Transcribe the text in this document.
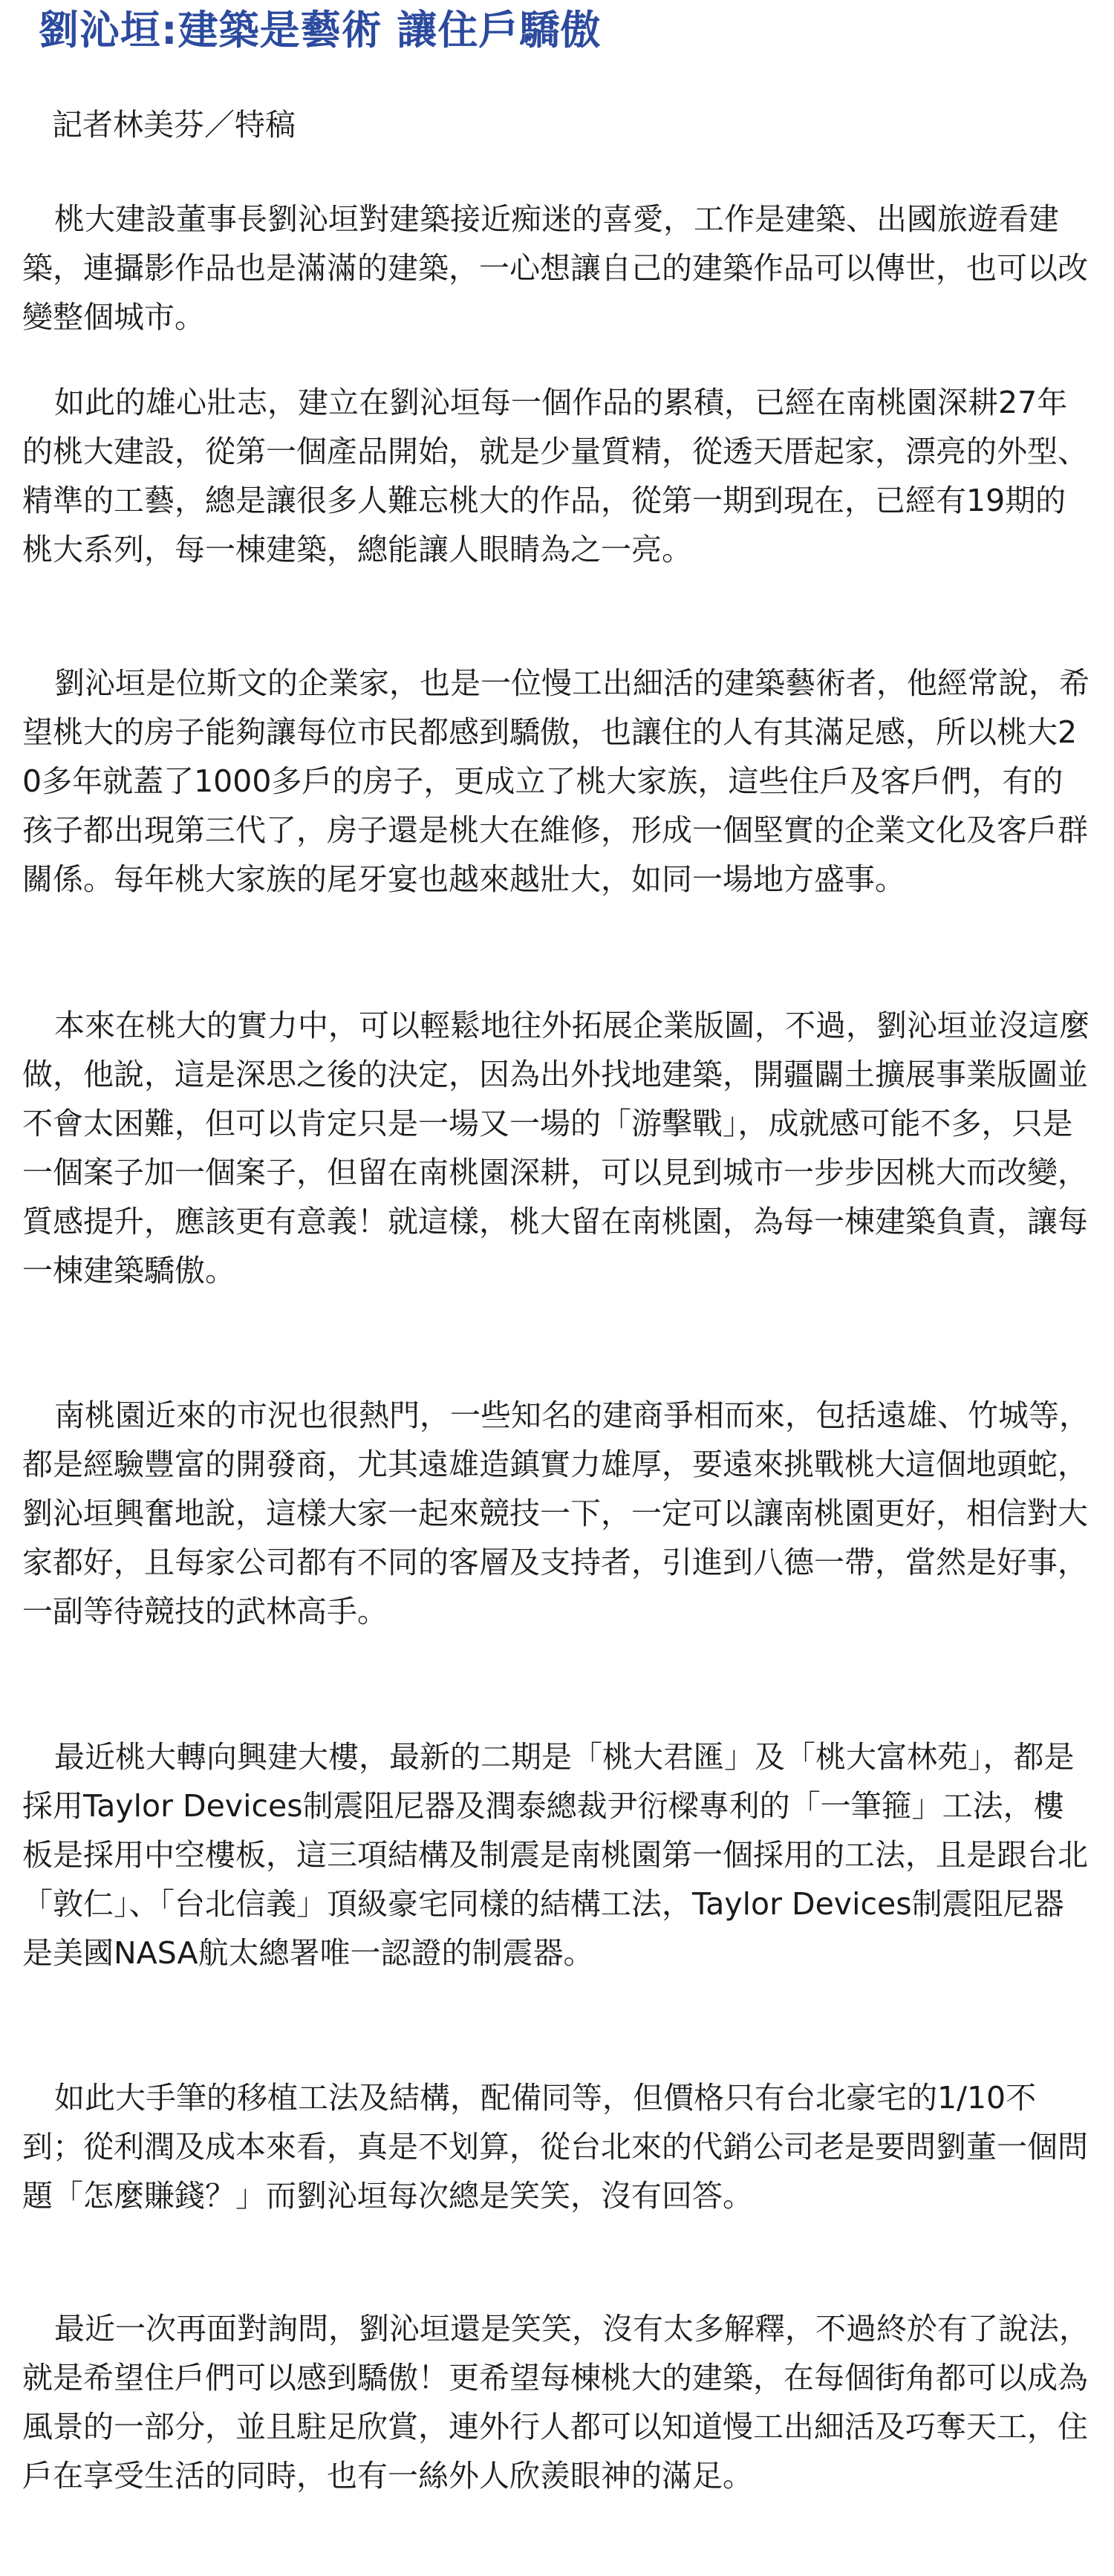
劉沁垣:建築是藝術 讓住戶驕傲

記者林美芬／特稿

桃大建設董事長劉沁垣對建築接近痴迷的喜愛，工作是建築、出國旅遊看建築，連攝影作品也是滿滿的建築，一心想讓自己的建築作品可以傳世，也可以改變整個城市。

如此的雄心壯志，建立在劉沁垣每一個作品的累積，已經在南桃園深耕27年的桃大建設，從第一個產品開始，就是少量質精，從透天厝起家，漂亮的外型、精準的工藝，總是讓很多人難忘桃大的作品，從第一期到現在，已經有19期的桃大系列，每一棟建築，總能讓人眼睛為之一亮。

劉沁垣是位斯文的企業家，也是一位慢工出細活的建築藝術者，他經常說，希望桃大的房子能夠讓每位市民都感到驕傲，也讓住的人有其滿足感，所以桃大20多年就蓋了1000多戶的房子，更成立了桃大家族，這些住戶及客戶們，有的孩子都出現第三代了，房子還是桃大在維修，形成一個堅實的企業文化及客戶群關係。每年桃大家族的尾牙宴也越來越壯大，如同一場地方盛事。

本來在桃大的實力中，可以輕鬆地往外拓展企業版圖，不過，劉沁垣並沒這麼做，他說，這是深思之後的決定，因為出外找地建築，開疆闢土擴展事業版圖並不會太困難，但可以肯定只是一場又一場的「游擊戰」，成就感可能不多，只是一個案子加一個案子，但留在南桃園深耕，可以見到城市一步步因桃大而改變，質感提升，應該更有意義！就這樣，桃大留在南桃園，為每一棟建築負責，讓每一棟建築驕傲。

南桃園近來的市況也很熱門，一些知名的建商爭相而來，包括遠雄、竹城等，都是經驗豐富的開發商，尤其遠雄造鎮實力雄厚，要遠來挑戰桃大這個地頭蛇，劉沁垣興奮地說，這樣大家一起來競技一下，一定可以讓南桃園更好，相信對大家都好，且每家公司都有不同的客層及支持者，引進到八德一帶，當然是好事，一副等待競技的武林高手。

最近桃大轉向興建大樓，最新的二期是「桃大君匯」及「桃大富林苑」，都是採用Taylor Devices制震阻尼器及潤泰總裁尹衍樑專利的「一筆箍」工法，樓板是採用中空樓板，這三項結構及制震是南桃園第一個採用的工法，且是跟台北「敦仁」、「台北信義」頂級豪宅同樣的結構工法，Taylor Devices制震阻尼器是美國NASA航太總署唯一認證的制震器。

如此大手筆的移植工法及結構，配備同等，但價格只有台北豪宅的1/10不到；從利潤及成本來看，真是不划算，從台北來的代銷公司老是要問劉董一個問題「怎麼賺錢？」而劉沁垣每次總是笑笑，沒有回答。

最近一次再面對詢問，劉沁垣還是笑笑，沒有太多解釋，不過終於有了說法，就是希望住戶們可以感到驕傲！更希望每棟桃大的建築，在每個街角都可以成為風景的一部分，並且駐足欣賞，連外行人都可以知道慢工出細活及巧奪天工，住戶在享受生活的同時，也有一絲外人欣羨眼神的滿足。
